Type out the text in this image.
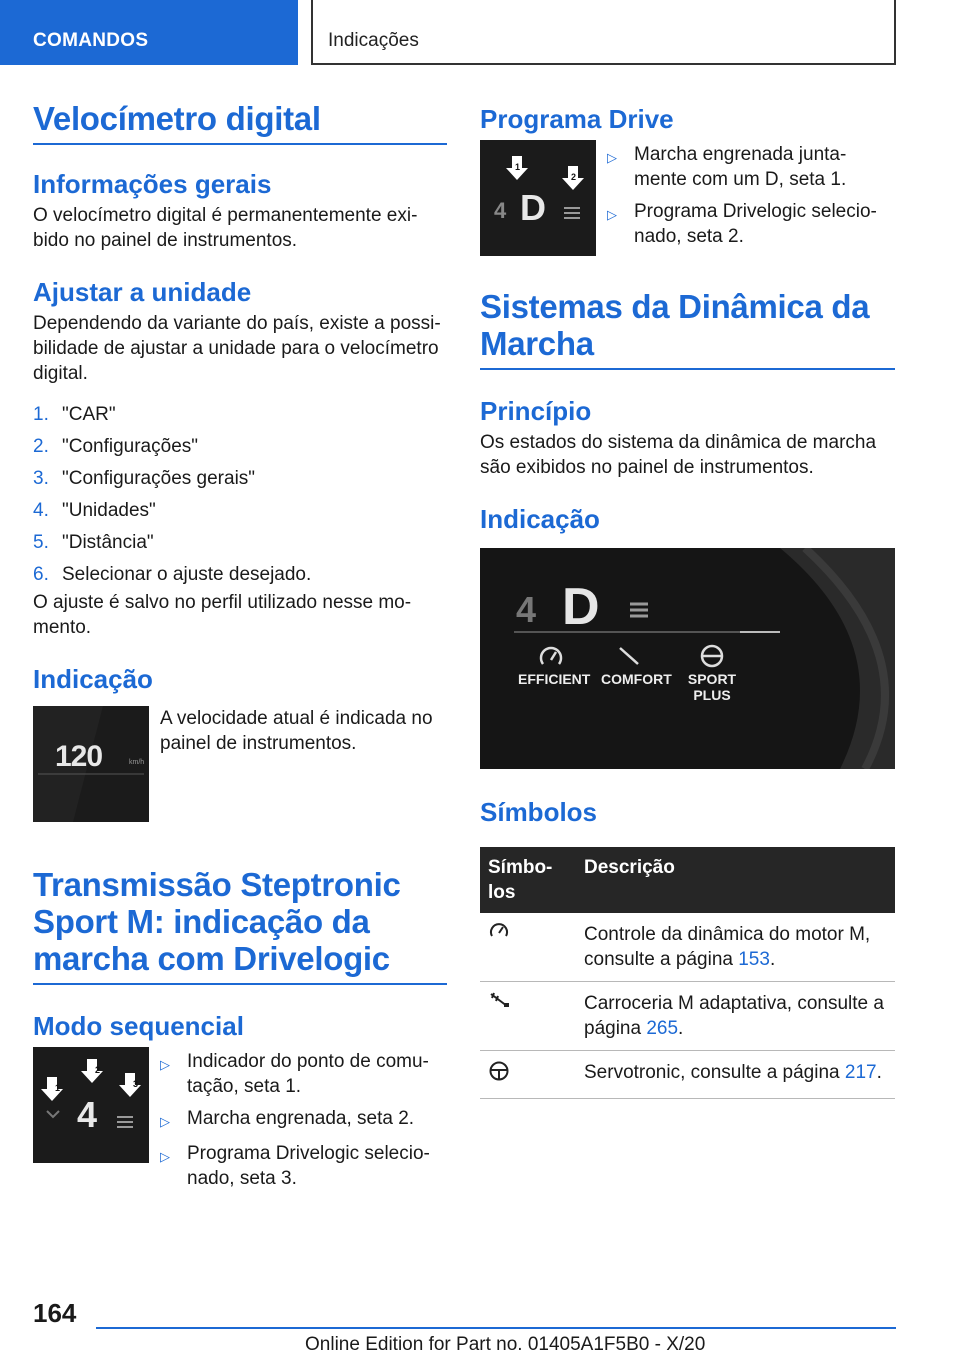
COMANDOS	Indicações
Velocímetro digital
Informações gerais

O velocímetro digital é permanentemente exi-bido no painel de instrumentos.

Ajustar a unidade

Dependendo da variante do país, existe a possi-bilidade de ajustar a unidade para o velocímetro digital.

1. "CAR"
2. "Configurações"
3. "Configurações gerais"
4. "Unidades"
5. "Distância"
6. Selecionar o ajuste desejado.

O ajuste é salvo no perfil utilizado nesse mo-mento.

Indicação
120	km/h

A velocidade atual é indicada no painel de instrumentos.

Transmissão Steptronic Sport M: indicação da marcha com Drivelogic
Modo sequencial
1
2
3
4
▷ Indicador do ponto de comu-tação, seta 1.
▷ Marcha engrenada, seta 2.
▷ Programa Drivelogic selecio-nado, seta 3.
Programa Drive
1
2
4 D
▷ Marcha engrenada junta-mente com um D, seta 1.
▷ Programa Drivelogic selecio-nado, seta 2.
Sistemas da Dinâmica da Marcha
Princípio

Os estados do sistema da dinâmica de marcha são exibidos no painel de instrumentos.

Indicação
4 D
EFFICIENT COMFORT SPORT
PLUS
Símbolos
Símbo-los	Descrição
	Controle da dinâmica do motor M, consulte a página 153.
	Carroceria M adaptativa, consulte a página 265.
	Servotronic, consulte a página 217.
164
Online Edition for Part no. 01405A1F5B0 - X/20
